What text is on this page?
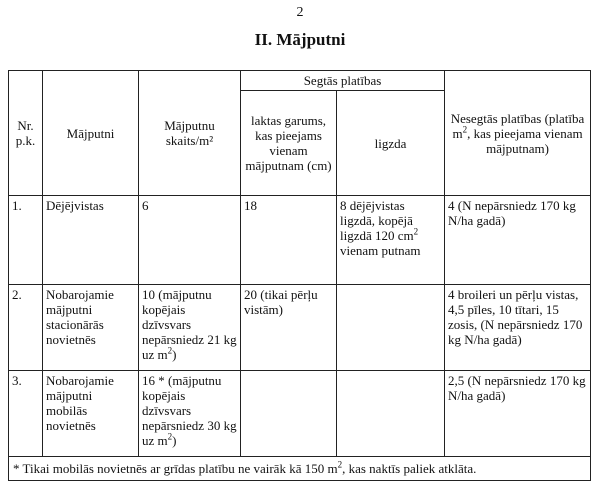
2
II. Mājputni
Nr. p.k.	Mājputni	Mājputnu skaits/m²	Segtās platības		Nesegtās platības (platība $m^2$, kas pieejama vienam mājputnam)
			laktas garums, kas pieejams vienam mājputnam (cm)	ligzda	
1.	Dējējvistas	6	18	8 dējējvistas ligzdā, kopējā ligzdā 120 $cm^2$ vienam putnam	4 (N nepārsniedz 170 kg N/ha gadā)
2.	Nobarojamie mājputni stacionārās novietnēs	10 (mājputnu kopējais dzīvsvars nepārsniedz 21 kg uz $m^2$)	20 (tikai pērļu vistām)		4 broileri un pērļu vistas, 4,5 pīles, 10 tītari, 15 zosis, (N nepārsniedz 170 kg N/ha gadā)
3.	Nobarojamie mājputni mobilās novietnēs	16 * (mājputnu kopējais dzīvsvars nepārsniedz 30 kg uz $m^2$)			2,5 (N nepārsniedz 170 kg N/ha gadā)
* Tikai mobilās novietnēs ar grīdas platību ne vairāk kā 150 $m^2$, kas naktīs paliek atklāta.					
